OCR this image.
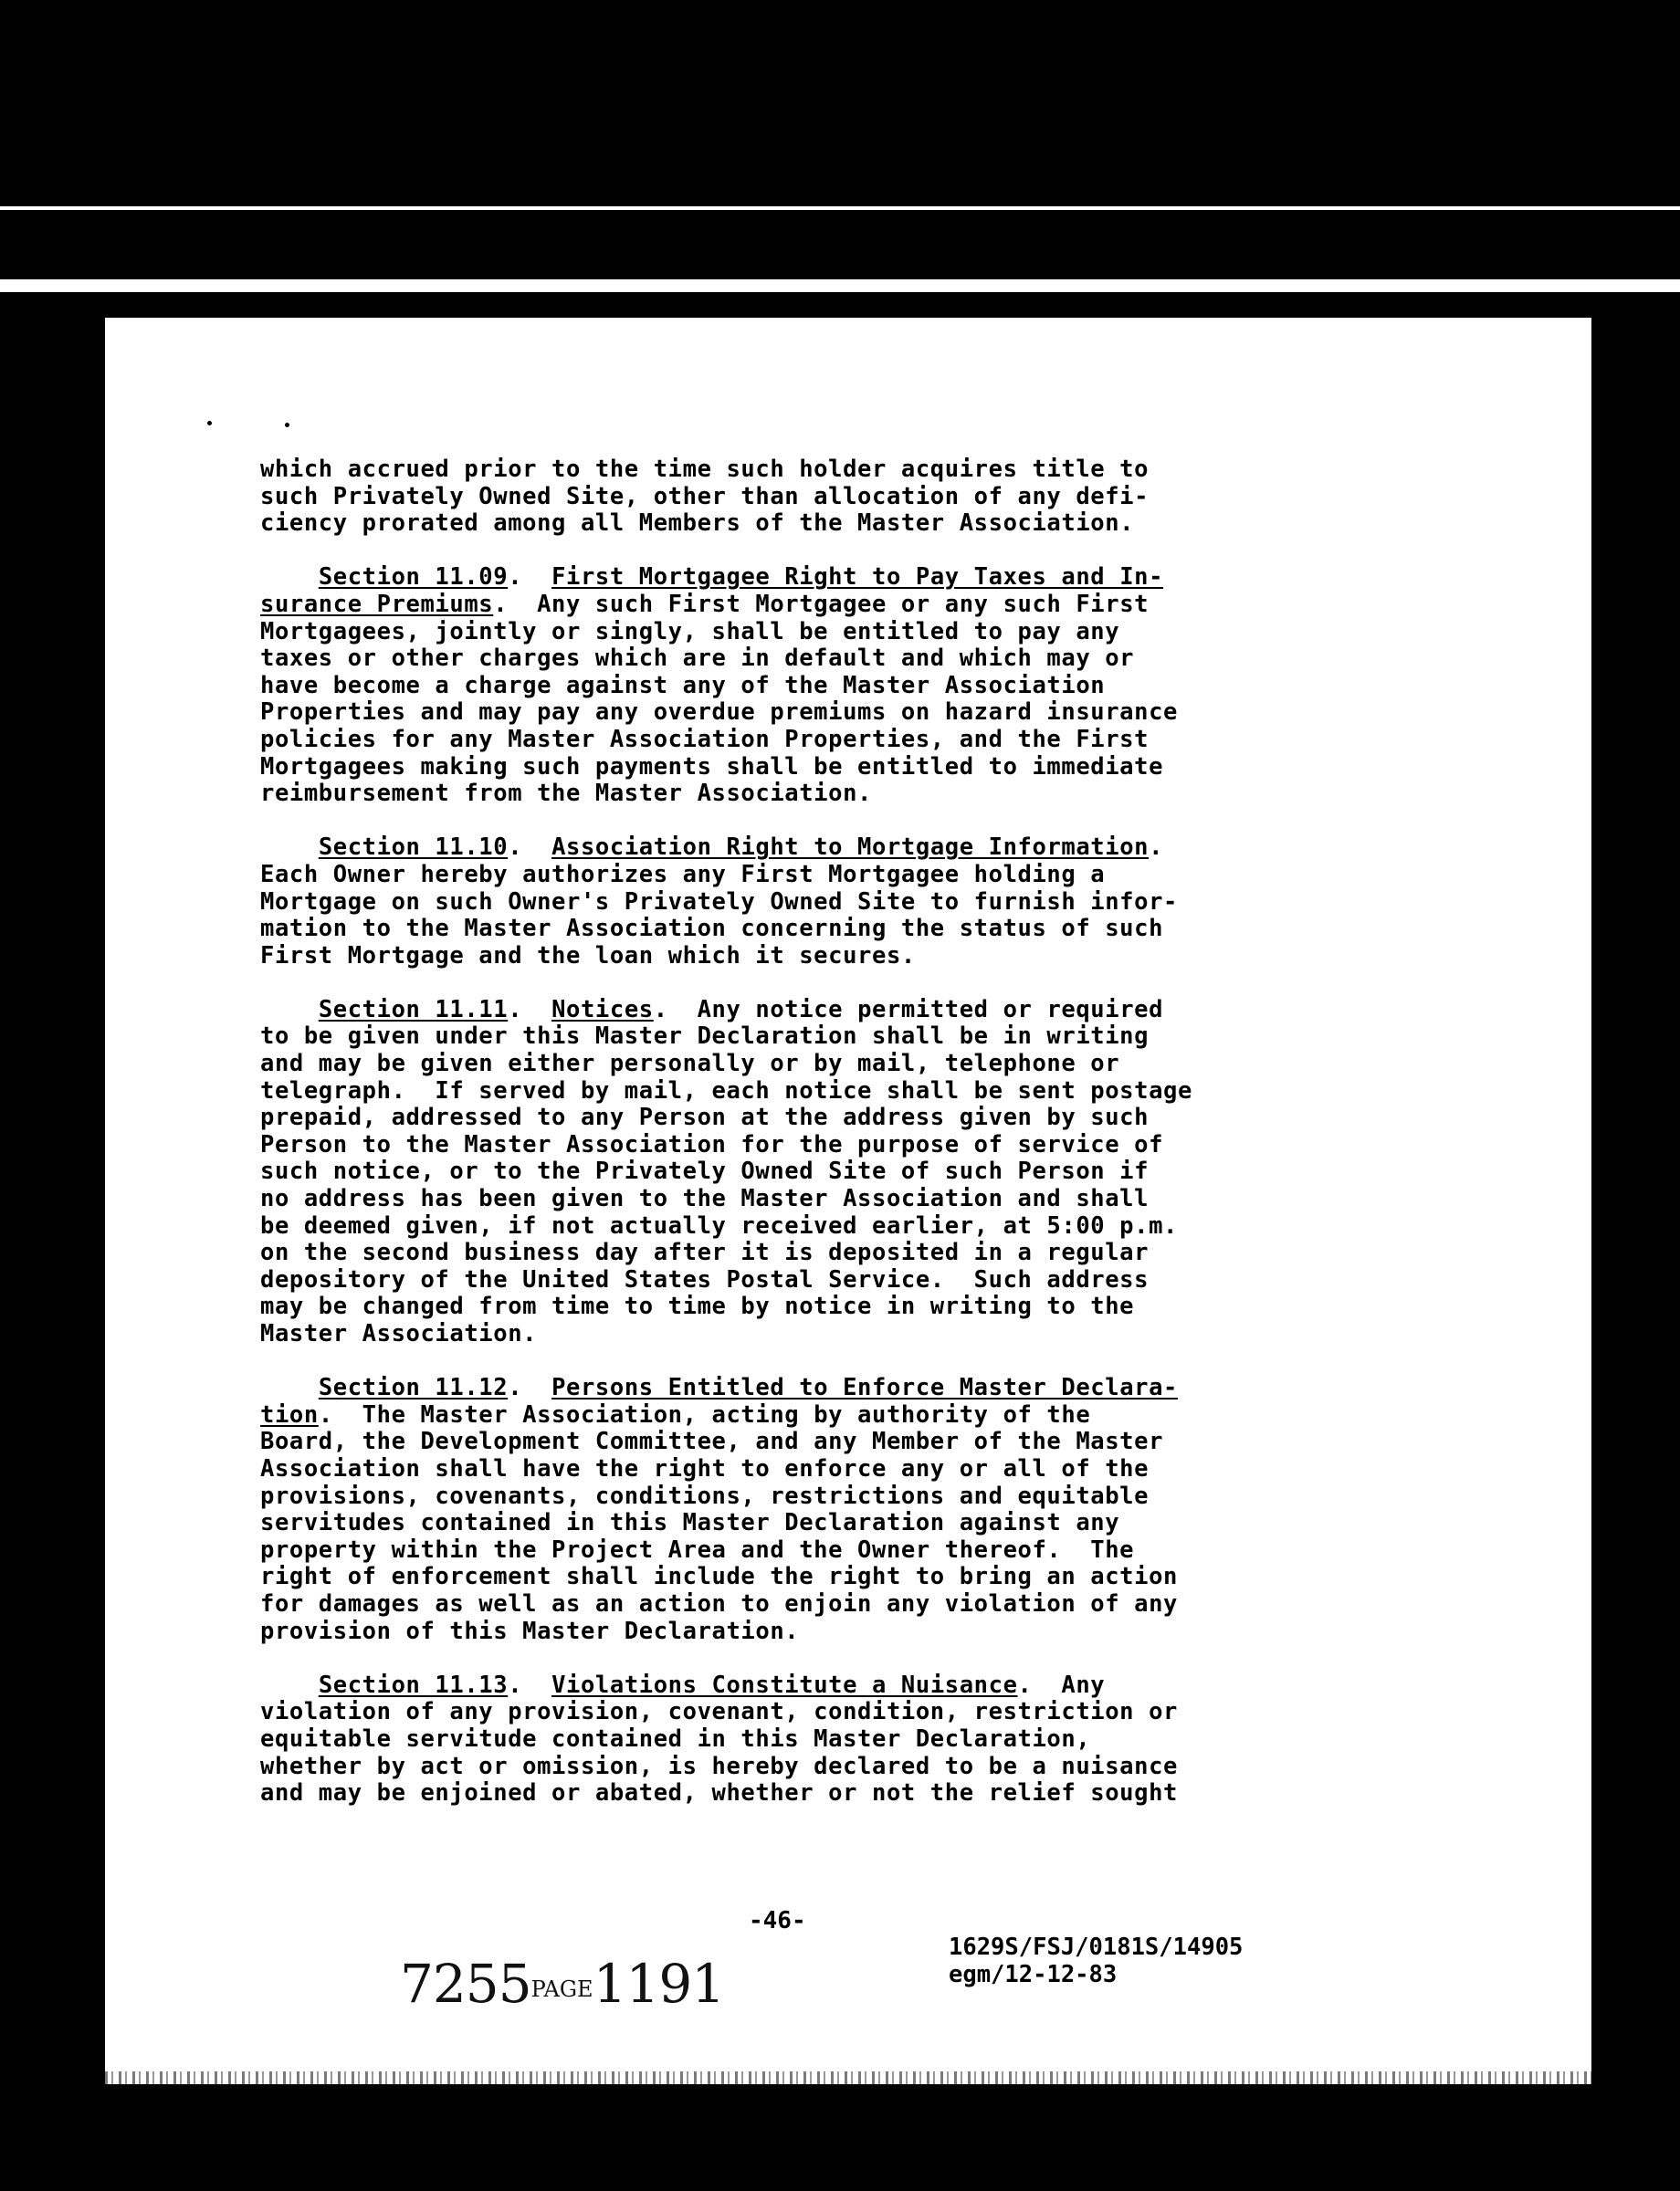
which accrued prior to the time such holder acquires title to
such Privately Owned Site, other than allocation of any defi-
ciency prorated among all Members of the Master Association.
Section 11.09.  First Mortgagee Right to Pay Taxes and In-
surance Premiums.  Any such First Mortgagee or any such First
Mortgagees, jointly or singly, shall be entitled to pay any
taxes or other charges which are in default and which may or
have become a charge against any of the Master Association
Properties and may pay any overdue premiums on hazard insurance
policies for any Master Association Properties, and the First
Mortgagees making such payments shall be entitled to immediate
reimbursement from the Master Association.
Section 11.10.  Association Right to Mortgage Information.
Each Owner hereby authorizes any First Mortgagee holding a
Mortgage on such Owner's Privately Owned Site to furnish infor-
mation to the Master Association concerning the status of such
First Mortgage and the loan which it secures.
Section 11.11.  Notices.  Any notice permitted or required
to be given under this Master Declaration shall be in writing
and may be given either personally or by mail, telephone or
telegraph.  If served by mail, each notice shall be sent postage
prepaid, addressed to any Person at the address given by such
Person to the Master Association for the purpose of service of
such notice, or to the Privately Owned Site of such Person if
no address has been given to the Master Association and shall
be deemed given, if not actually received earlier, at 5:00 p.m.
on the second business day after it is deposited in a regular
depository of the United States Postal Service.  Such address
may be changed from time to time by notice in writing to the
Master Association.
Section 11.12.  Persons Entitled to Enforce Master Declara-
tion.  The Master Association, acting by authority of the
Board, the Development Committee, and any Member of the Master
Association shall have the right to enforce any or all of the
provisions, covenants, conditions, restrictions and equitable
servitudes contained in this Master Declaration against any
property within the Project Area and the Owner thereof.  The
right of enforcement shall include the right to bring an action
for damages as well as an action to enjoin any violation of any
provision of this Master Declaration.
Section 11.13.  Violations Constitute a Nuisance.  Any
violation of any provision, covenant, condition, restriction or
equitable servitude contained in this Master Declaration,
whether by act or omission, is hereby declared to be a nuisance
and may be enjoined or abated, whether or not the relief sought
-46-
1629S/FSJ/0181S/14905
egm/12-12-83
7255PAGE1191
